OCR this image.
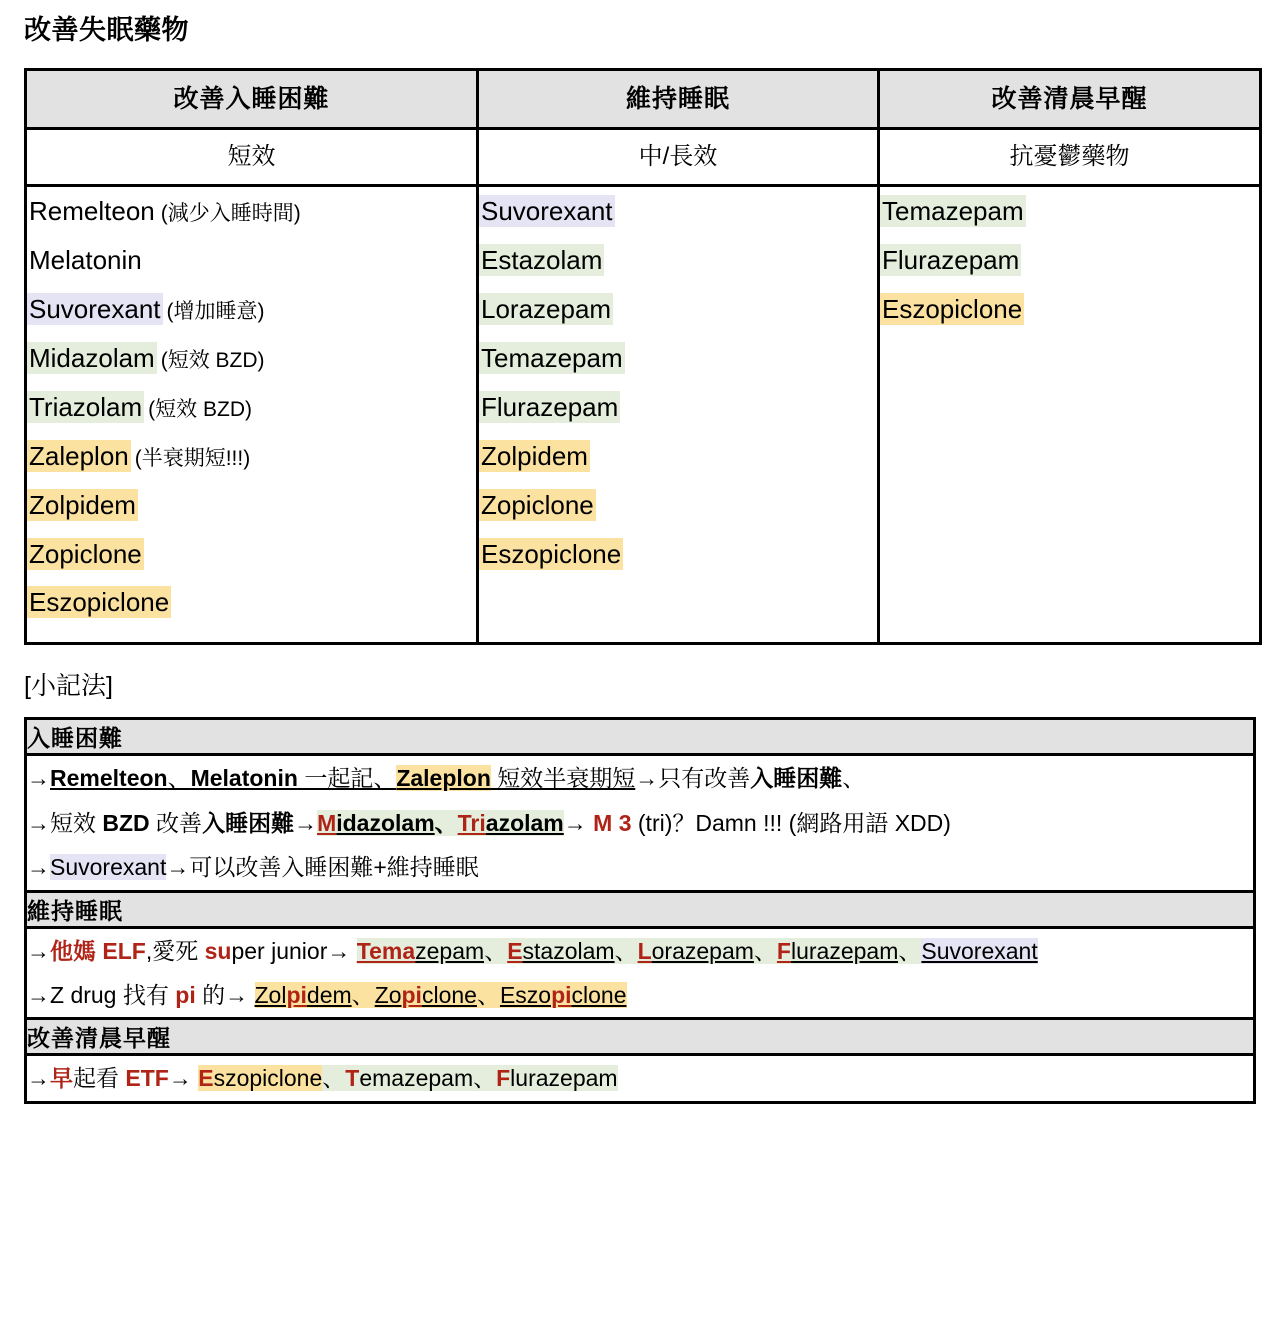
改善失眠藥物
改善入睡困難	維持睡眠	改善清晨早醒
短效	中/長效	抗憂鬱藥物

Remelteon (減少入睡時間)
Melatonin
Suvorexant (增加睡意)
Midazolam (短效 BZD)
Triazolam (短效 BZD)
Zaleplon (半衰期短!!!)
Zolpidem
Zopiclone
Eszopiclone

Suvorexant
Estazolam
Lorazepam
Temazepam
Flurazepam
Zolpidem
Zopiclone
Eszopiclone

Temazepam
Flurazepam
Eszopiclone
[小記法]
入睡困難

→Remelteon、Melatonin 一起記、Zaleplon 短效半衰期短→只有改善入睡困難、
→短效 BZD 改善入睡困難→Midazolam、Triazolam→ M 3 (tri)？Damn !!! (網路用語 XDD)
→Suvorexant→可以改善入睡困難+維持睡眠

維持睡眠

→他媽 ELF,愛死 super junior→ Temazepam、Estazolam、Lorazepam、Flurazepam、Suvorexant
→Z drug 找有 pi 的→ Zolpidem、Zopiclone、Eszopiclone

改善清晨早醒

→早起看 ETF→ Eszopiclone、Temazepam、Flurazepam
